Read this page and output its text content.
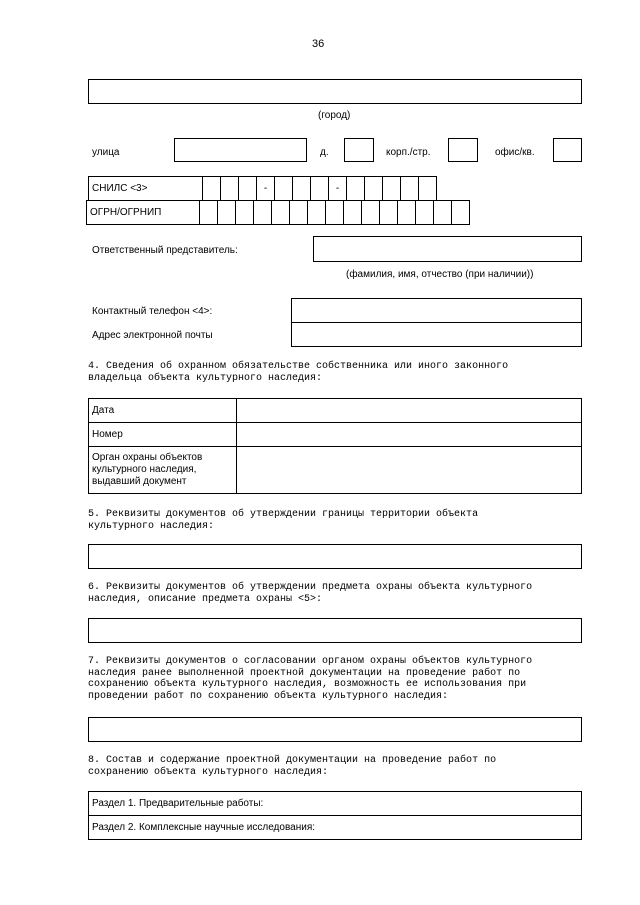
36
(город)
улица	д.	корп./стр.	офис/кв.
СНИЛС <3>				-				-					
ОГРН/ОГРНИП															
Ответственный представитель:
(фамилия, имя, отчество (при наличии))
Контактный телефон <4>:
Адрес электронной почты
4. Сведения об охранном обязательстве собственника или иного законного
владельца объекта культурного наследия:
Дата	
Номер	

Орган охраны объектов
культурного наследия,
выдавший документ	

5. Реквизиты документов об утверждении границы территории объекта
культурного наследия:
6. Реквизиты документов об утверждении предмета охраны объекта культурного
наследия, описание предмета охраны <5>:
7. Реквизиты документов о согласовании органом охраны объектов культурного
наследия ранее выполненной проектной документации на проведение работ по
сохранению объекта культурного наследия, возможность ее использования при
проведении работ по сохранению объекта культурного наследия:
8. Состав и содержание проектной документации на проведение работ по
сохранению объекта культурного наследия:
Раздел 1. Предварительные работы:
Раздел 2. Комплексные научные исследования:
